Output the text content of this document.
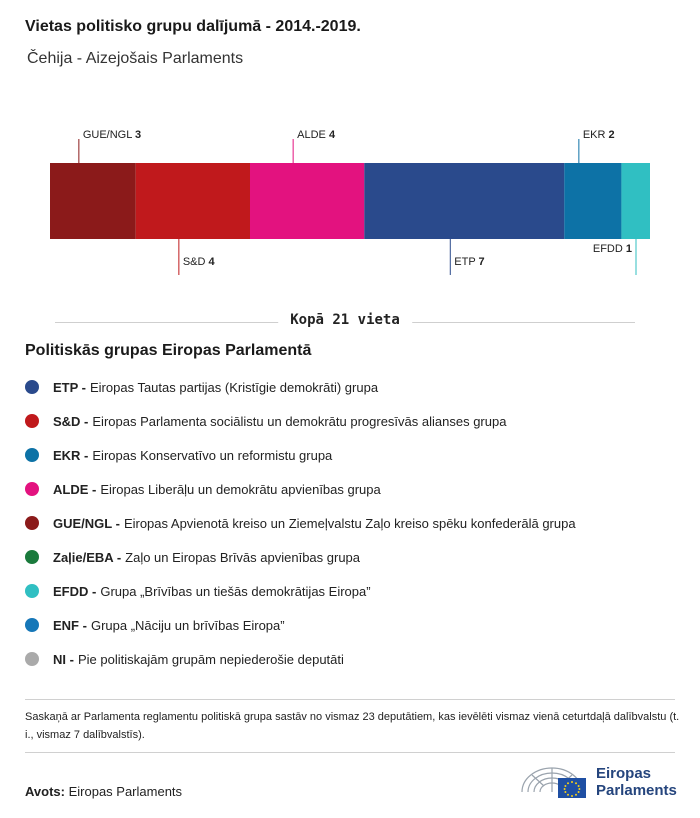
Vietas politisko grupu dalījumā - 2014.-2019.
Čehija - Aizejošais Parlaments
GUE/NGL 3
S&D 4
ALDE 4
ETP 7
EKR 2
EFDD 1
Kopā 21 vieta
Politiskās grupas Eiropas Parlamentā
ETP - Eiropas Tautas partijas (Kristīgie demokrāti) grupa
S&D - Eiropas Parlamenta sociālistu un demokrātu progresīvās alianses grupa
EKR - Eiropas Konservatīvo un reformistu grupa
ALDE - Eiropas Liberāļu un demokrātu apvienības grupa
GUE/NGL - Eiropas Apvienotā kreiso un Ziemeļvalstu Zaļo kreiso spēku konfederālā grupa
Zaļie/EBA - Zaļo un Eiropas Brīvās apvienības grupa
EFDD - Grupa „Brīvības un tiešās demokrātijas Eiropa”
ENF - Grupa „Nāciju un brīvības Eiropa”
NI - Pie politiskajām grupām nepiederošie deputāti
Saskaņā ar Parlamenta reglamentu politiskā grupa sastāv no vismaz 23 deputātiem, kas ievēlēti vismaz vienā ceturtdaļā dalībvalstu (t. i., vismaz 7 dalībvalstīs).
Avots: Eiropas Parlaments
Eiropas
Parlaments
